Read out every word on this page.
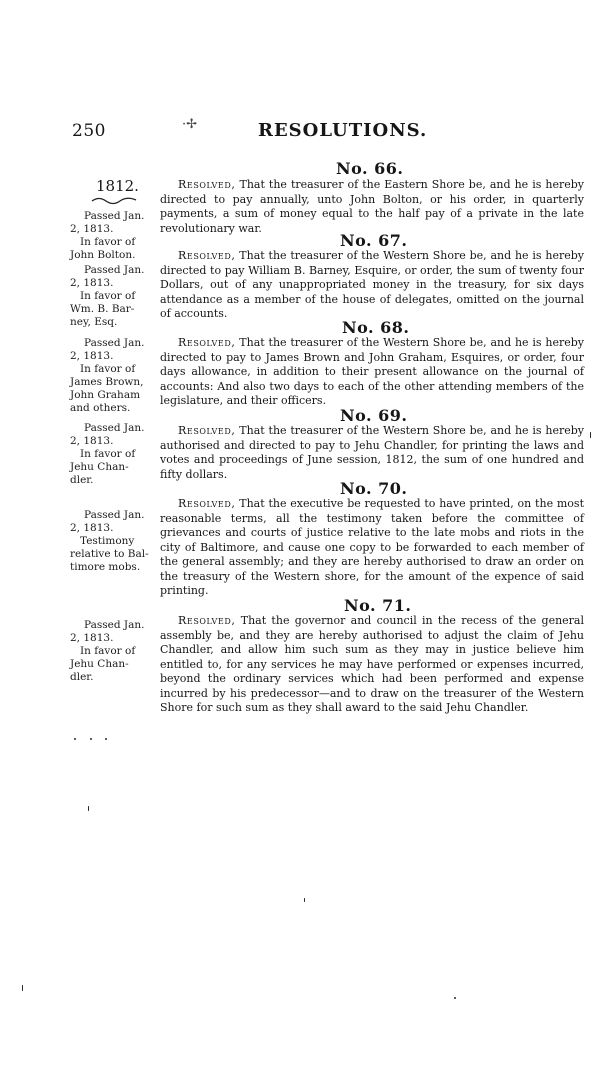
250	·✢	RESOLUTIONS.
1812.
No. 66.

Resolved, That the treasurer of the Eastern Shore be, and he is hereby directed to pay annually, unto John Bolton, or his order, in quarterly payments, a sum of money equal to the half pay of a private in the late revolutionary war.

Passed Jan.
2, 1813.
In favor of
John Bolton.
No. 67.

Resolved, That the treasurer of the Western Shore be, and he is hereby directed to pay William B. Barney, Esquire, or order, the sum of twenty four Dollars, out of any unappropriated money in the treasury, for six days attendance as a member of the house of delegates, omitted on the journal of accounts.

Passed Jan.
2, 1813.
In favor of
Wm. B. Bar-
ney, Esq.	No. 68.

Resolved, That the treasurer of the Western Shore be, and he is hereby directed to pay to James Brown and John Graham, Esquires, or order, four days allowance, in addition to their present allowance on the journal of accounts: And also two days to each of the other attending members of the legislature, and their officers.

Passed Jan.
2, 1813.
In favor of
James Brown,
John Graham
and others.	No. 69.

Resolved, That the treasurer of the Western Shore be, and he is hereby authorised and directed to pay to Jehu Chandler, for printing the laws and votes and proceedings of June session, 1812, the sum of one hundred and fifty dollars.

Passed Jan.
2, 1813.
In favor of
Jehu Chan-
dler.	No. 70.

Resolved, That the executive be requested to have printed, on the most reasonable terms, all the testimony taken before the committee of grievances and courts of justice relative to the late mobs and riots in the city of Baltimore, and cause one copy to be forwarded to each member of the general assembly; and they are hereby authorised to draw an order on the treasury of the Western shore, for the amount of the expence of said printing.

Passed Jan.
2, 1813.
Testimony
relative to Bal-
timore mobs.
No. 71.

Resolved, That the governor and council in the recess of the general assembly be, and they are hereby authorised to adjust the claim of Jehu Chandler, and allow him such sum as they may in justice believe him entitled to, for any services he may have performed or expenses incurred, beyond the ordinary services which had been performed and expense incurred by his predecessor—and to draw on the treasurer of the Western Shore for such sum as they shall award to the said Jehu Chandler.

Passed Jan.
2, 1813.
In favor of
Jehu Chan-
dler.
